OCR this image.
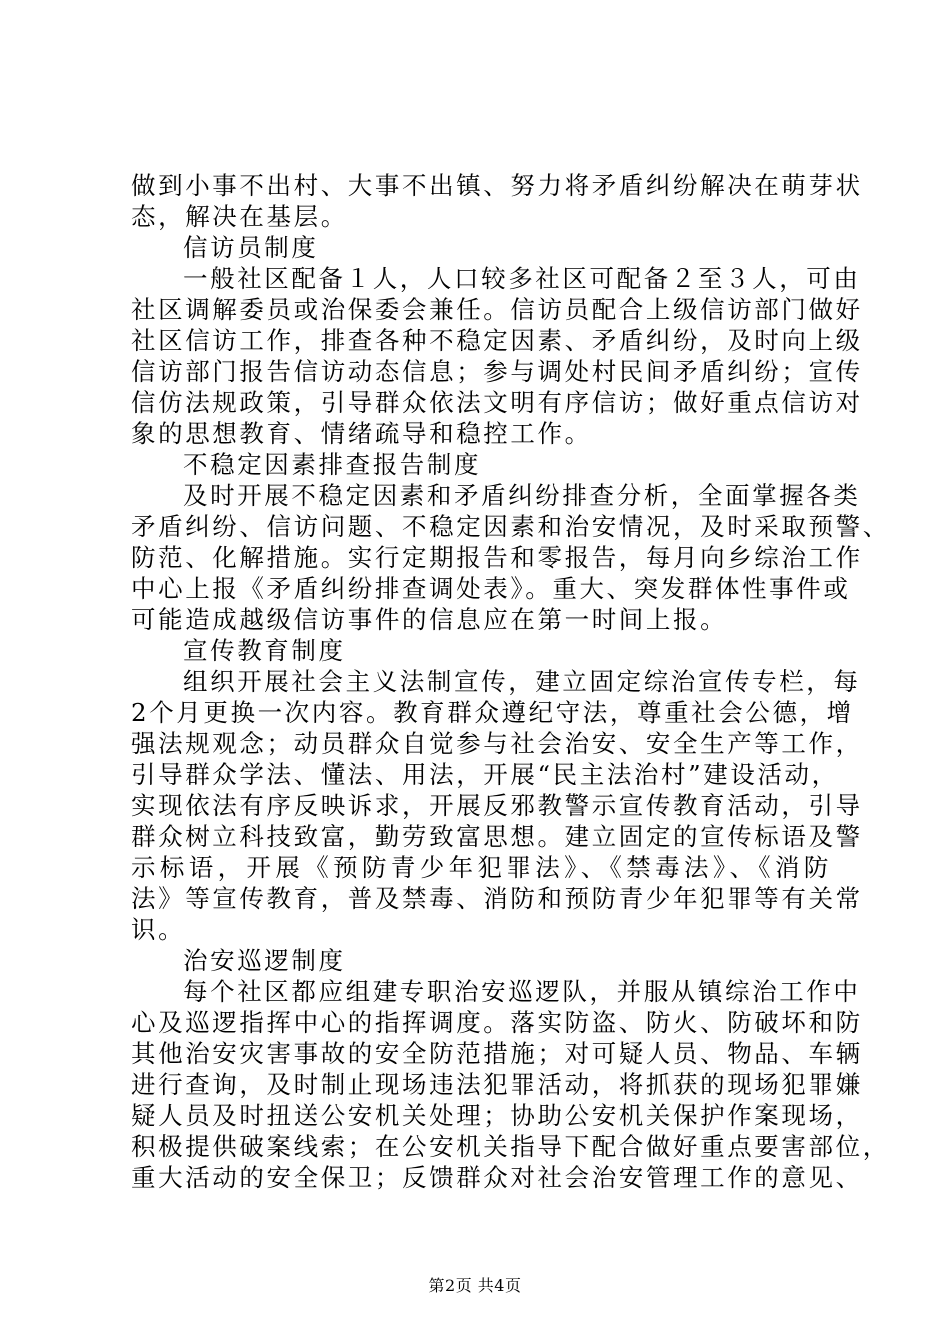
做到小事不出村、大事不出镇、努力将矛盾纠纷解决在萌芽状
态，解决在基层。
信访员制度
一般社区配备１人，人口较多社区可配备２至３人，可由
社区调解委员或治保委会兼任。信访员配合上级信访部门做好
社区信访工作，排查各种不稳定因素、矛盾纠纷，及时向上级
信访部门报告信访动态信息；参与调处村民间矛盾纠纷；宣传
信仿法规政策，引导群众依法文明有序信访；做好重点信访对
象的思想教育、情绪疏导和稳控工作。
不稳定因素排查报告制度
及时开展不稳定因素和矛盾纠纷排查分析，全面掌握各类
矛盾纠纷、信访问题、不稳定因素和治安情况，及时采取预警、
防范、化解措施。实行定期报告和零报告，每月向乡综治工作
中心上报《矛盾纠纷排查调处表》。重大、突发群体性事件或
可能造成越级信访事件的信息应在第一时间上报。
宣传教育制度
组织开展社会主义法制宣传，建立固定综治宣传专栏，每
2个月更换一次内容。教育群众遵纪守法，尊重社会公德，增
强法规观念；动员群众自觉参与社会治安、安全生产等工作，
引导群众学法、懂法、用法，开展“民主法治村”建设活动，
实现依法有序反映诉求，开展反邪教警示宣传教育活动，引导
群众树立科技致富，勤劳致富思想。建立固定的宣传标语及警
示标语，开展《预防青少年犯罪法》、《禁毒法》、《消防
法》等宣传教育，普及禁毒、消防和预防青少年犯罪等有关常
识。
治安巡逻制度
每个社区都应组建专职治安巡逻队，并服从镇综治工作中
心及巡逻指挥中心的指挥调度。落实防盗、防火、防破坏和防
其他治安灾害事故的安全防范措施；对可疑人员、物品、车辆
进行查询，及时制止现场违法犯罪活动，将抓获的现场犯罪嫌
疑人员及时扭送公安机关处理；协助公安机关保护作案现场，
积极提供破案线索；在公安机关指导下配合做好重点要害部位，
重大活动的安全保卫；反馈群众对社会治安管理工作的意见、
第2页 共4页
